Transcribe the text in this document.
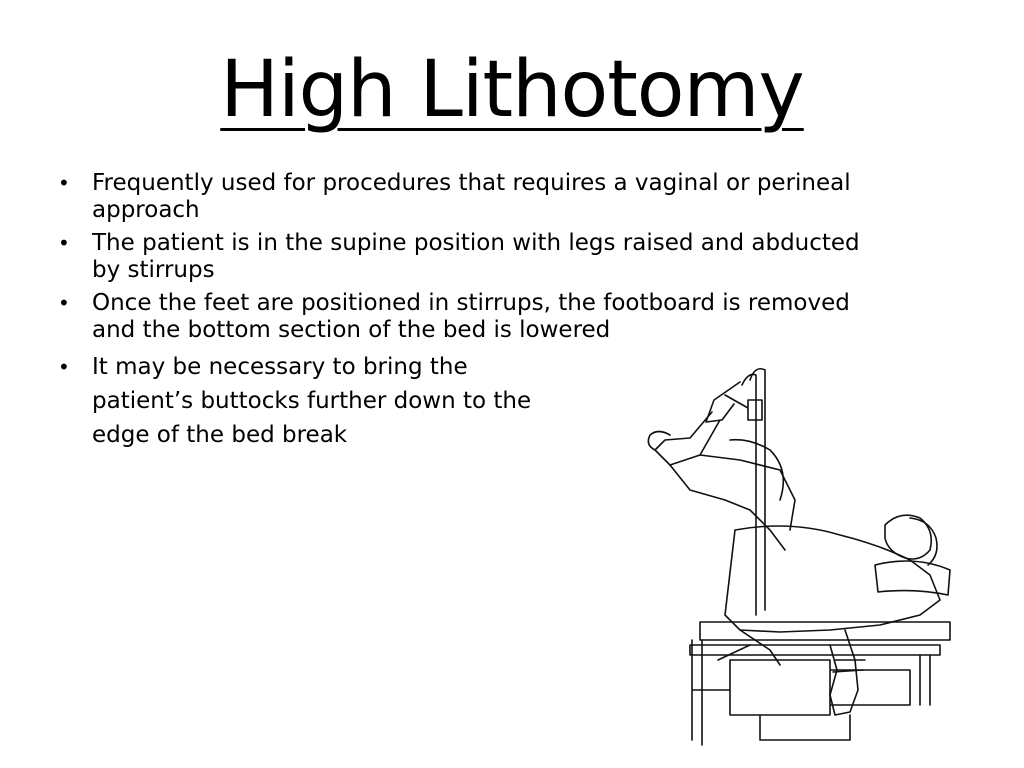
High Lithotomy
• Frequently used for procedures that requires a vaginal or perineal approach
• The patient is in the supine position with legs raised and abducted by stirrups
• Once the feet are positioned in stirrups, the footboard is removed and the bottom section of the bed is lowered
• It may be necessary to bring the
patient’s buttocks further down to the
edge of the bed break
